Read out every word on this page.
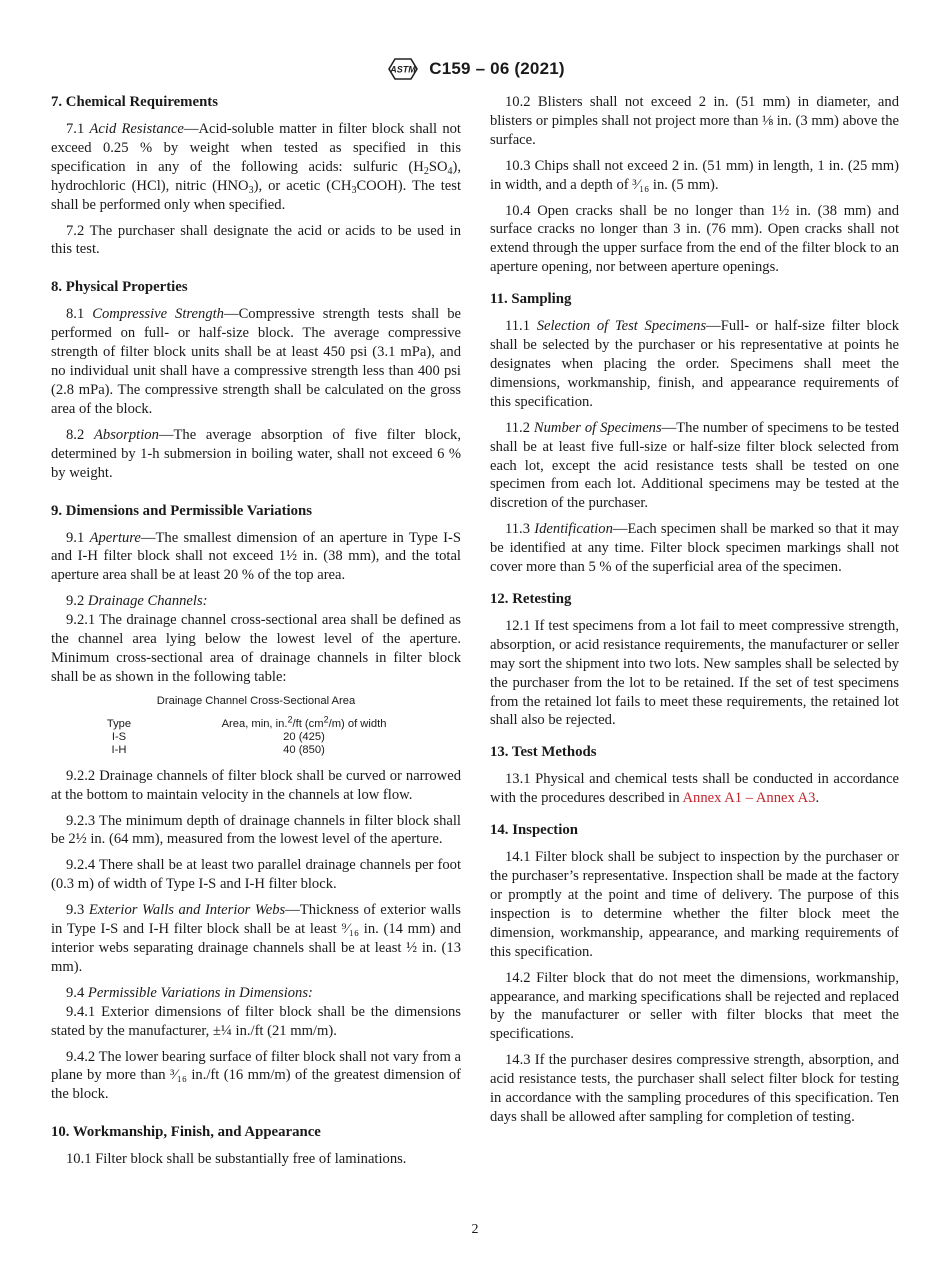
ASTM C159 – 06 (2021)
7. Chemical Requirements

7.1 Acid Resistance—Acid-soluble matter in filter block shall not exceed 0.25 % by weight when tested as specified in this specification in any of the following acids: sulfuric $(H_2SO_4)$, hydrochloric (HCl), nitric $(HNO_3)$, or acetic $(CH_3COOH)$. The test shall be performed only when specified.

7.2 The purchaser shall designate the acid or acids to be used in this test.

8. Physical Properties

8.1 Compressive Strength—Compressive strength tests shall be performed on full- or half-size block. The average compressive strength of filter block units shall be at least 450 psi (3.1 mPa), and no individual unit shall have a compressive strength less than 400 psi (2.8 mPa). The compressive strength shall be calculated on the gross area of the block.

8.2 Absorption—The average absorption of five filter block, determined by 1-h submersion in boiling water, shall not exceed 6 % by weight.

9. Dimensions and Permissible Variations

9.1 Aperture—The smallest dimension of an aperture in Type I-S and I-H filter block shall not exceed 1½ in. (38 mm), and the total aperture area shall be at least 20 % of the top area.

9.2 Drainage Channels:

9.2.1 The drainage channel cross-sectional area shall be defined as the channel area lying below the lowest level of the aperture. Minimum cross-sectional area of drainage channels in filter block shall be as shown in the following table:

Drainage Channel Cross-Sectional Area
Type	Area, min, in.$^2$/ft $(cm^2/m)$ of width
I-S	20 (425)
I-H	40 (850)

9.2.2 Drainage channels of filter block shall be curved or narrowed at the bottom to maintain velocity in the channels at low flow.

9.2.3 The minimum depth of drainage channels in filter block shall be 2½ in. (64 mm), measured from the lowest level of the aperture.

9.2.4 There shall be at least two parallel drainage channels per foot (0.3 m) of width of Type I-S and I-H filter block.

9.3 Exterior Walls and Interior Webs—Thickness of exterior walls in Type I-S and I-H filter block shall be at least ⁹⁄₁₆ in. (14 mm) and interior webs separating drainage channels shall be at least ½ in. (13 mm).

9.4 Permissible Variations in Dimensions:

9.4.1 Exterior dimensions of filter block shall be the dimensions stated by the manufacturer, ±¼ in./ft (21 mm/m).

9.4.2 The lower bearing surface of filter block shall not vary from a plane by more than ³⁄₁₆ in./ft (16 mm/m) of the greatest dimension of the block.

10. Workmanship, Finish, and Appearance

10.1 Filter block shall be substantially free of laminations.

10.2 Blisters shall not exceed 2 in. (51 mm) in diameter, and blisters or pimples shall not project more than ⅛ in. (3 mm) above the surface.

10.3 Chips shall not exceed 2 in. (51 mm) in length, 1 in. (25 mm) in width, and a depth of ³⁄₁₆ in. (5 mm).

10.4 Open cracks shall be no longer than 1½ in. (38 mm) and surface cracks no longer than 3 in. (76 mm). Open cracks shall not extend through the upper surface from the end of the filter block to an aperture opening, nor between aperture openings.

11. Sampling

11.1 Selection of Test Specimens—Full- or half-size filter block shall be selected by the purchaser or his representative at points he designates when placing the order. Specimens shall meet the dimensions, workmanship, finish, and appearance requirements of this specification.

11.2 Number of Specimens—The number of specimens to be tested shall be at least five full-size or half-size filter block selected from each lot, except the acid resistance tests shall be tested on one specimen from each lot. Additional specimens may be tested at the discretion of the purchaser.

11.3 Identification—Each specimen shall be marked so that it may be identified at any time. Filter block specimen markings shall not cover more than 5 % of the superficial area of the specimen.

12. Retesting

12.1 If test specimens from a lot fail to meet compressive strength, absorption, or acid resistance requirements, the manufacturer or seller may sort the shipment into two lots. New samples shall be selected by the purchaser from the lot to be retained. If the set of test specimens from the retained lot fails to meet these requirements, the retained lot shall also be rejected.

13. Test Methods

13.1 Physical and chemical tests shall be conducted in accordance with the procedures described in Annex A1 – Annex A3.

14. Inspection

14.1 Filter block shall be subject to inspection by the purchaser or the purchaser’s representative. Inspection shall be made at the factory or promptly at the point and time of delivery. The purpose of this inspection is to determine whether the filter block meet the dimension, workmanship, appearance, and marking requirements of this specification.

14.2 Filter block that do not meet the dimensions, workmanship, appearance, and marking specifications shall be rejected and replaced by the manufacturer or seller with filter blocks that meet the specifications.

14.3 If the purchaser desires compressive strength, absorption, and acid resistance tests, the purchaser shall select filter block for testing in accordance with the sampling procedures of this specification. Ten days shall be allowed after sampling for completion of testing.

2
